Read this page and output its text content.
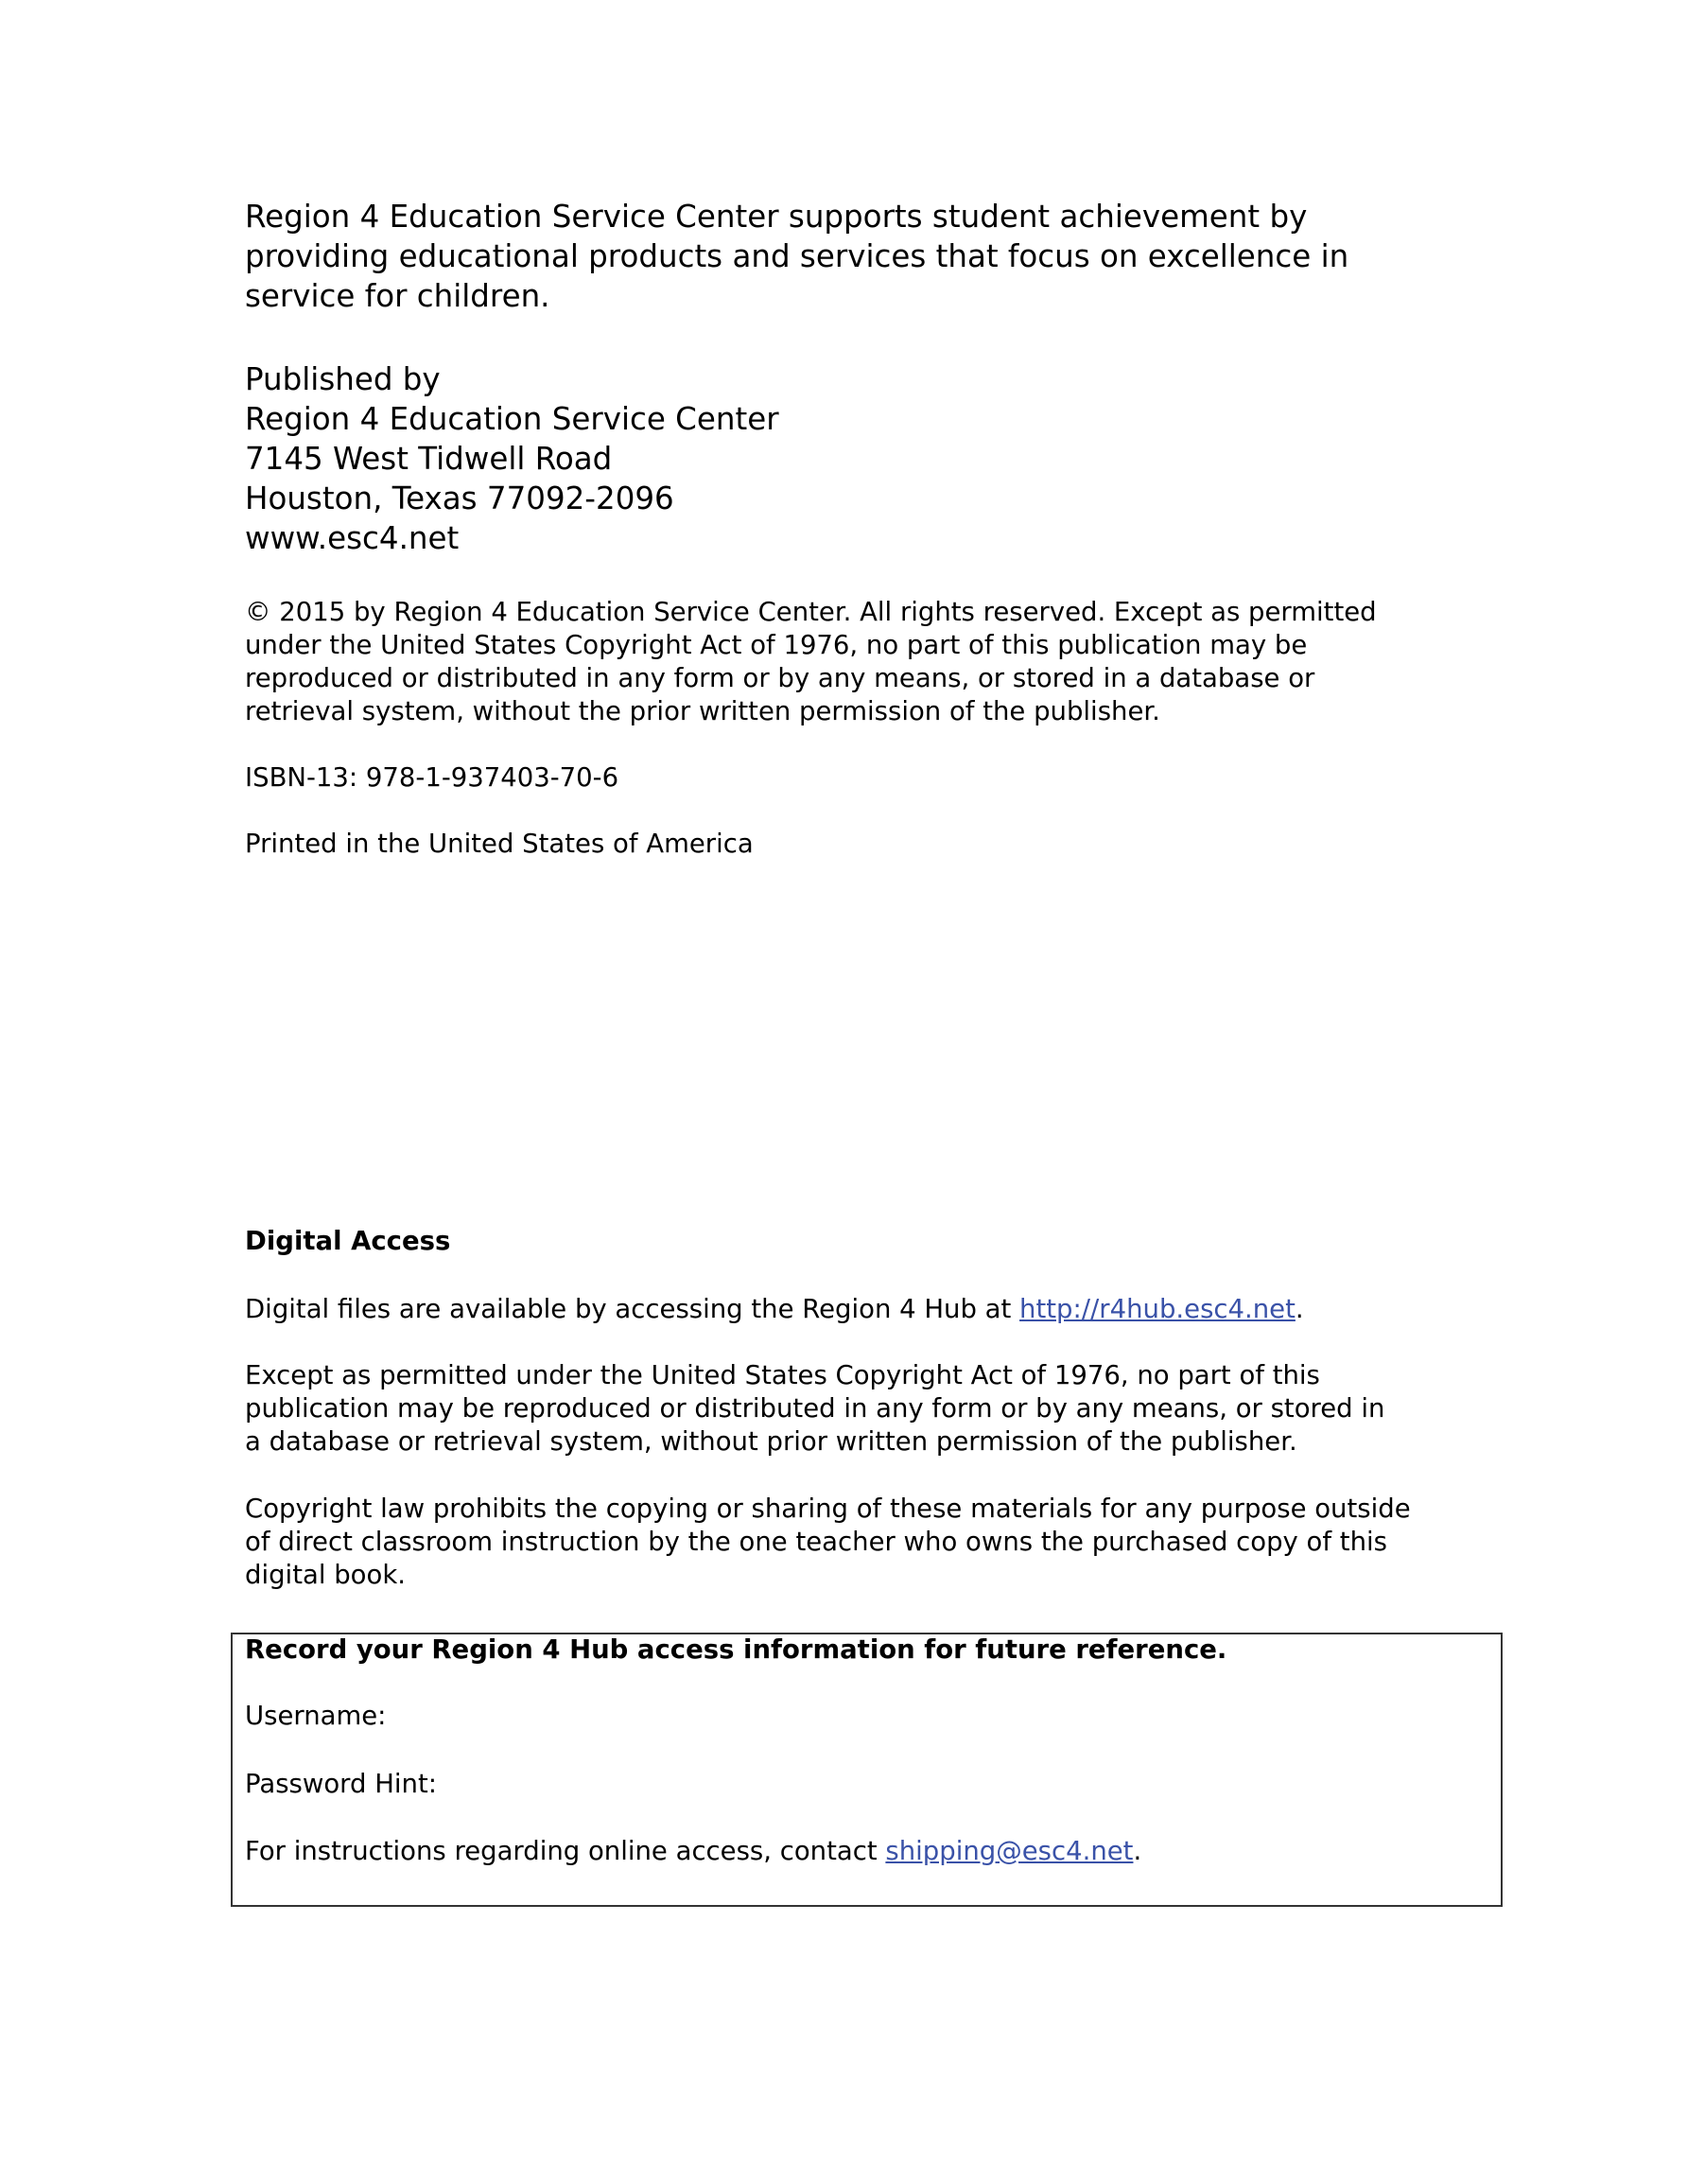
Region 4 Education Service Center supports student achievement by
providing educational products and services that focus on excellence in
service for children.
Published by
Region 4 Education Service Center
7145 West Tidwell Road
Houston, Texas 77092-2096
www.esc4.net
© 2015 by Region 4 Education Service Center. All rights reserved. Except as permitted
under the United States Copyright Act of 1976, no part of this publication may be
reproduced or distributed in any form or by any means, or stored in a database or
retrieval system, without the prior written permission of the publisher.
ISBN-13: 978-1-937403-70-6
Printed in the United States of America
Digital Access
Digital files are available by accessing the Region 4 Hub at http://r4hub.esc4.net.
Except as permitted under the United States Copyright Act of 1976, no part of this
publication may be reproduced or distributed in any form or by any means, or stored in
a database or retrieval system, without prior written permission of the publisher.
Copyright law prohibits the copying or sharing of these materials for any purpose outside
of direct classroom instruction by the one teacher who owns the purchased copy of this
digital book.
Record your Region 4 Hub access information for future reference.
Username:
Password Hint:
For instructions regarding online access, contact shipping@esc4.net.
